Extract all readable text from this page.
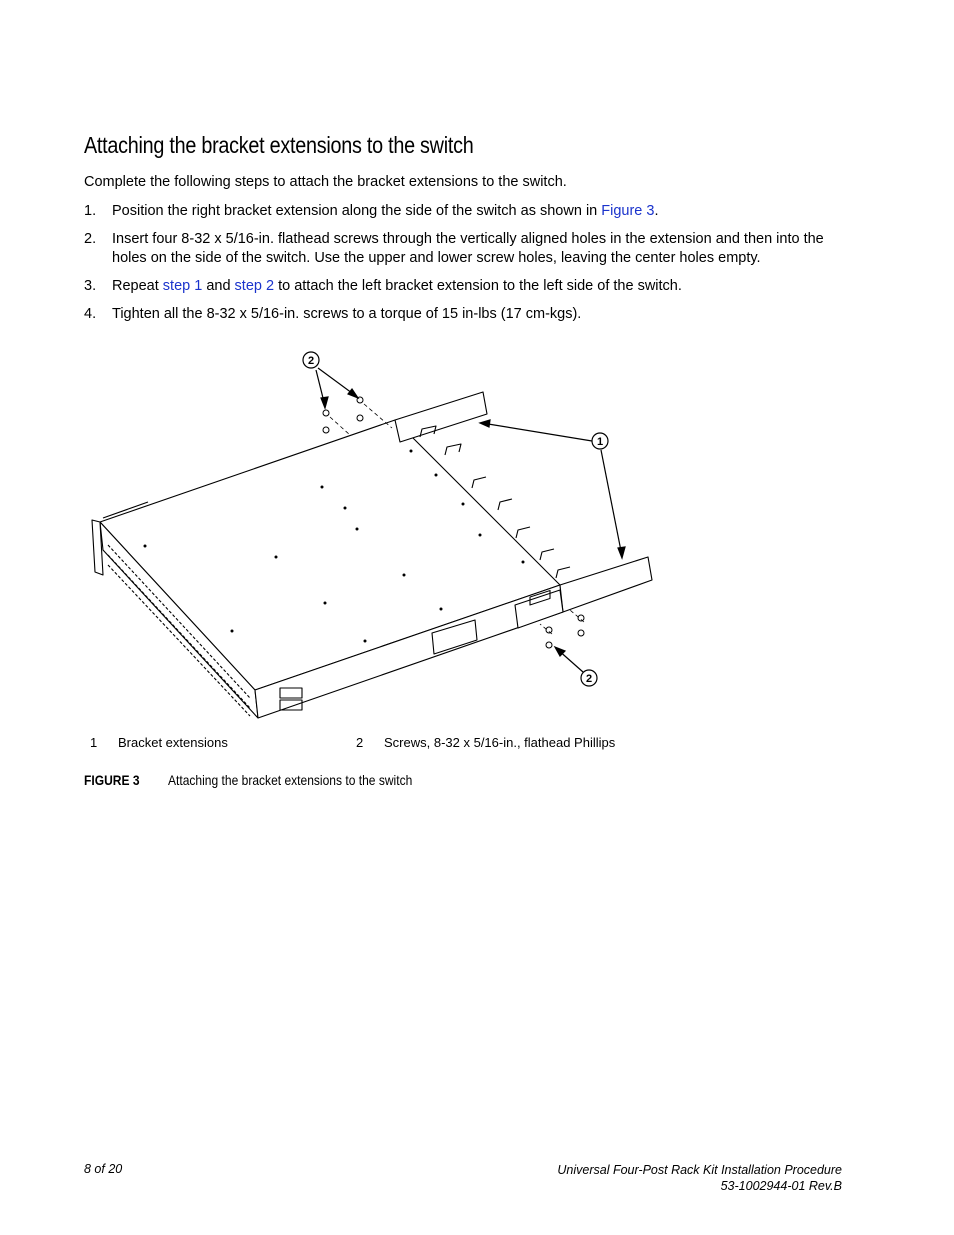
Attaching the bracket extensions to the switch
Complete the following steps to attach the bracket extensions to the switch.
1. Position the right bracket extension along the side of the switch as shown in Figure 3.
2. Insert four 8-32 x 5/16-in. flathead screws through the vertically aligned holes in the extension and then into the holes on the side of the switch. Use the upper and lower screw holes, leaving the center holes empty.
3. Repeat step 1 and step 2 to attach the left bracket extension to the left side of the switch.
4. Tighten all the 8-32 x 5/16-in. screws to a torque of 15 in-lbs (17 cm-kgs).
2
1
2
1 Bracket extensions	2 Screws, 8-32 x 5/16-in., flathead Phillips
FIGURE 3 Attaching the bracket extensions to the switch
8 of 20	Universal Four-Post Rack Kit Installation Procedure
53-1002944-01 Rev.B
